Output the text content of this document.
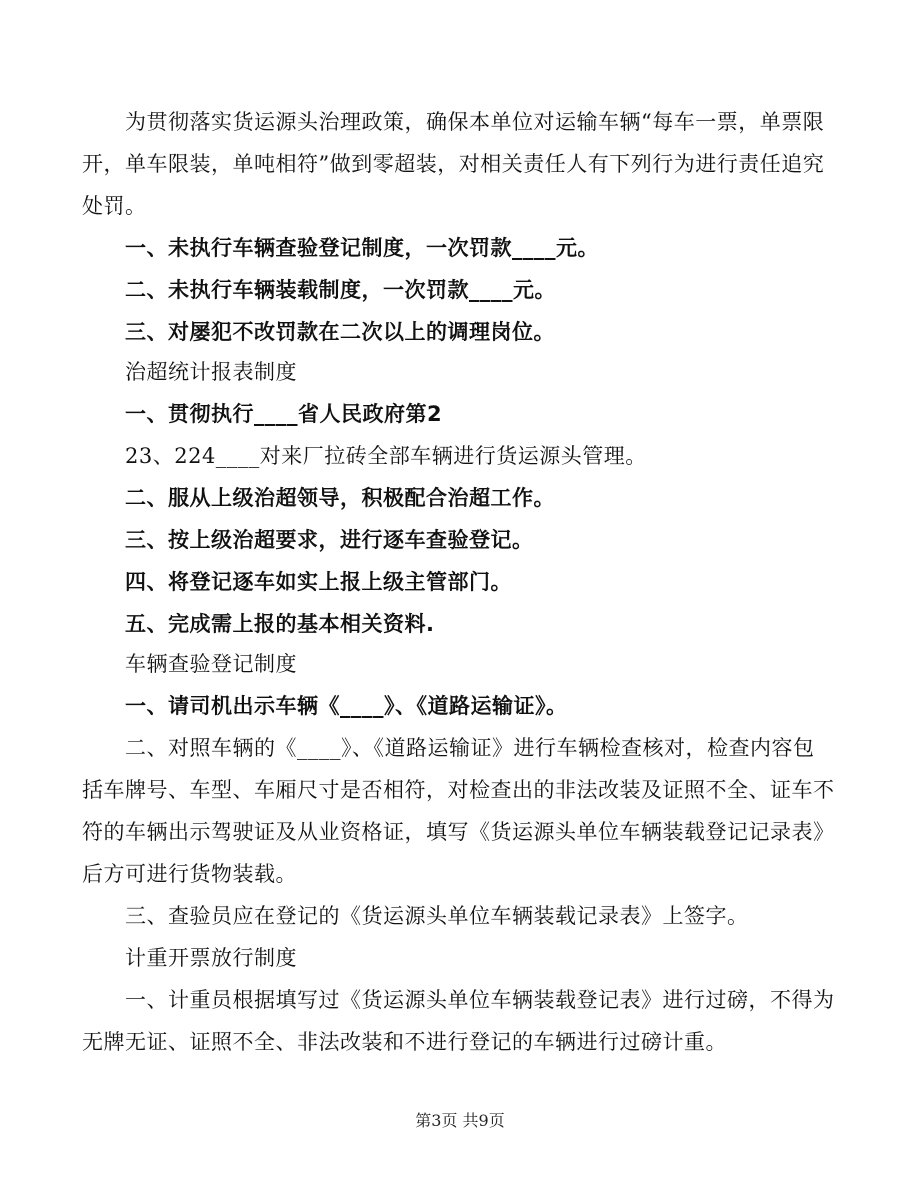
为贯彻落实货运源头治理政策，确保本单位对运输车辆“每车一票，单票限
开，单车限装，单吨相符”做到零超装，对相关责任人有下列行为进行责任追究
处罚。
一、未执行车辆查验登记制度，一次罚款____元。
二、未执行车辆装载制度，一次罚款____元。
三、对屡犯不改罚款在二次以上的调理岗位。
治超统计报表制度
一、贯彻执行____省人民政府第2
23、224____对来厂拉砖全部车辆进行货运源头管理。
二、服从上级治超领导，积极配合治超工作。
三、按上级治超要求，进行逐车查验登记。
四、将登记逐车如实上报上级主管部门。
五、完成需上报的基本相关资料.
车辆查验登记制度
一、请司机出示车辆《____》、《道路运输证》。
二、对照车辆的《____》、《道路运输证》进行车辆检查核对，检查内容包
括车牌号、车型、车厢尺寸是否相符，对检查出的非法改装及证照不全、证车不
符的车辆出示驾驶证及从业资格证，填写《货运源头单位车辆装载登记记录表》
后方可进行货物装载。
三、查验员应在登记的《货运源头单位车辆装载记录表》上签字。
计重开票放行制度
一、计重员根据填写过《货运源头单位车辆装载登记表》进行过磅，不得为
无牌无证、证照不全、非法改装和不进行登记的车辆进行过磅计重。
第3页 共9页
